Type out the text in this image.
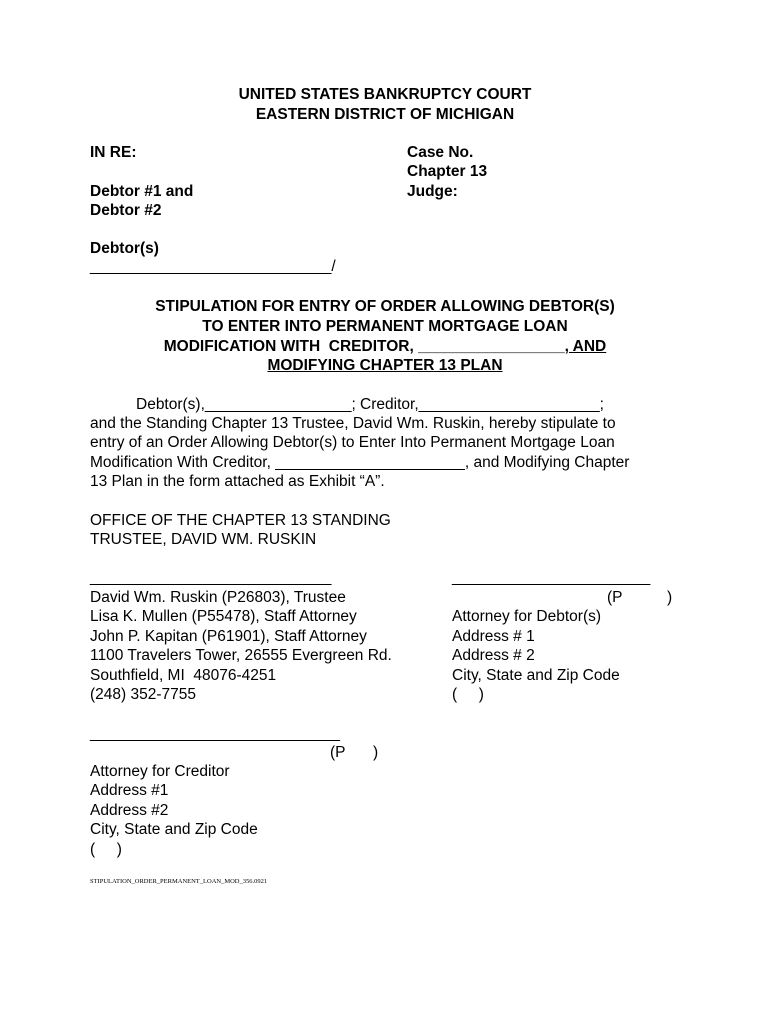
UNITED STATES BANKRUPTCY COURT
EASTERN DISTRICT OF MICHIGAN
IN RE:
Debtor #1 and
Debtor #2
Debtor(s)
____________________________/
Case No.
Chapter 13
Judge:
STIPULATION FOR ENTRY OF ORDER ALLOWING DEBTOR(S)
TO ENTER INTO PERMANENT MORTGAGE LOAN
MODIFICATION WITH  CREDITOR, _________________, AND
MODIFYING CHAPTER 13 PLAN
Debtor(s),_________________; Creditor,_____________________;
and the Standing Chapter 13 Trustee, David Wm. Ruskin, hereby stipulate to
entry of an Order Allowing Debtor(s) to Enter Into Permanent Mortgage Loan
Modification With Creditor, ______________________, and Modifying Chapter
13 Plan in the form attached as Exhibit “A”.
OFFICE OF THE CHAPTER 13 STANDING
TRUSTEE, DAVID WM. RUSKIN
____________________________
David Wm. Ruskin (P26803), Trustee
Lisa K. Mullen (P55478), Staff Attorney
John P. Kapitan (P61901), Staff Attorney
1100 Travelers Tower, 26555 Evergreen Rd.
Southfield, MI  48076-4251
(248) 352-7755
_______________________
(P	)
Attorney for Debtor(s)
Address # 1
Address # 2
City, State and Zip Code
(     )
_____________________________
(P )
Attorney for Creditor
Address #1
Address #2
City, State and Zip Code
(     )
STIPULATION_ORDER_PERMANENT_LOAN_MOD_356.0921
